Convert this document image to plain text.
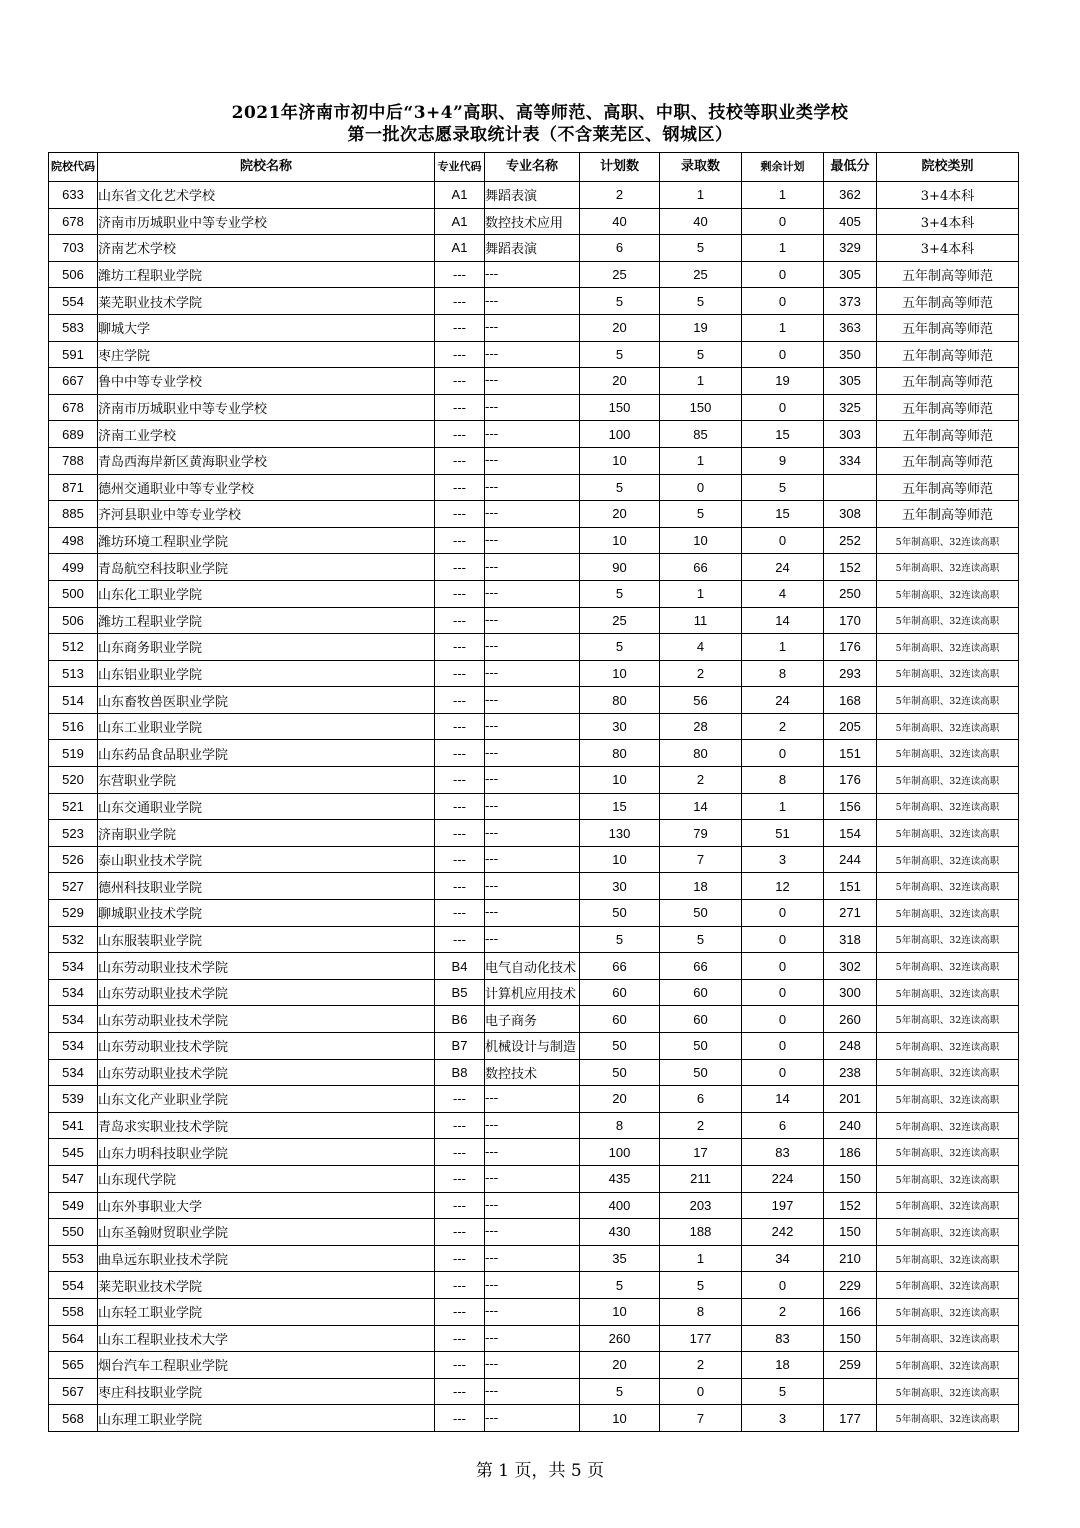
2021年济南市初中后“3+4”高职、高等师范、高职、中职、技校等职业类学校
第一批次志愿录取统计表（不含莱芜区、钢城区）
院校代码	院校名称	专业代码	专业名称	计划数	录取数	剩余计划	最低分	院校类别
633	山东省文化艺术学校	A1	舞蹈表演	2	1	1	362	3+4本科
678	济南市历城职业中等专业学校	A1	数控技术应用	40	40	0	405	3+4本科
703	济南艺术学校	A1	舞蹈表演	6	5	1	329	3+4本科
506	潍坊工程职业学院	---	---	25	25	0	305	五年制高等师范
554	莱芜职业技术学院	---	---	5	5	0	373	五年制高等师范
583	聊城大学	---	---	20	19	1	363	五年制高等师范
591	枣庄学院	---	---	5	5	0	350	五年制高等师范
667	鲁中中等专业学校	---	---	20	1	19	305	五年制高等师范
678	济南市历城职业中等专业学校	---	---	150	150	0	325	五年制高等师范
689	济南工业学校	---	---	100	85	15	303	五年制高等师范
788	青岛西海岸新区黄海职业学校	---	---	10	1	9	334	五年制高等师范
871	德州交通职业中等专业学校	---	---	5	0	5		五年制高等师范
885	齐河县职业中等专业学校	---	---	20	5	15	308	五年制高等师范
498	潍坊环境工程职业学院	---	---	10	10	0	252	5年制高职、32连读高职
499	青岛航空科技职业学院	---	---	90	66	24	152	5年制高职、32连读高职
500	山东化工职业学院	---	---	5	1	4	250	5年制高职、32连读高职
506	潍坊工程职业学院	---	---	25	11	14	170	5年制高职、32连读高职
512	山东商务职业学院	---	---	5	4	1	176	5年制高职、32连读高职
513	山东铝业职业学院	---	---	10	2	8	293	5年制高职、32连读高职
514	山东畜牧兽医职业学院	---	---	80	56	24	168	5年制高职、32连读高职
516	山东工业职业学院	---	---	30	28	2	205	5年制高职、32连读高职
519	山东药品食品职业学院	---	---	80	80	0	151	5年制高职、32连读高职
520	东营职业学院	---	---	10	2	8	176	5年制高职、32连读高职
521	山东交通职业学院	---	---	15	14	1	156	5年制高职、32连读高职
523	济南职业学院	---	---	130	79	51	154	5年制高职、32连读高职
526	泰山职业技术学院	---	---	10	7	3	244	5年制高职、32连读高职
527	德州科技职业学院	---	---	30	18	12	151	5年制高职、32连读高职
529	聊城职业技术学院	---	---	50	50	0	271	5年制高职、32连读高职
532	山东服装职业学院	---	---	5	5	0	318	5年制高职、32连读高职
534	山东劳动职业技术学院	B4	电气自动化技术	66	66	0	302	5年制高职、32连读高职
534	山东劳动职业技术学院	B5	计算机应用技术	60	60	0	300	5年制高职、32连读高职
534	山东劳动职业技术学院	B6	电子商务	60	60	0	260	5年制高职、32连读高职
534	山东劳动职业技术学院	B7	机械设计与制造	50	50	0	248	5年制高职、32连读高职
534	山东劳动职业技术学院	B8	数控技术	50	50	0	238	5年制高职、32连读高职
539	山东文化产业职业学院	---	---	20	6	14	201	5年制高职、32连读高职
541	青岛求实职业技术学院	---	---	8	2	6	240	5年制高职、32连读高职
545	山东力明科技职业学院	---	---	100	17	83	186	5年制高职、32连读高职
547	山东现代学院	---	---	435	211	224	150	5年制高职、32连读高职
549	山东外事职业大学	---	---	400	203	197	152	5年制高职、32连读高职
550	山东圣翰财贸职业学院	---	---	430	188	242	150	5年制高职、32连读高职
553	曲阜远东职业技术学院	---	---	35	1	34	210	5年制高职、32连读高职
554	莱芜职业技术学院	---	---	5	5	0	229	5年制高职、32连读高职
558	山东轻工职业学院	---	---	10	8	2	166	5年制高职、32连读高职
564	山东工程职业技术大学	---	---	260	177	83	150	5年制高职、32连读高职
565	烟台汽车工程职业学院	---	---	20	2	18	259	5年制高职、32连读高职
567	枣庄科技职业学院	---	---	5	0	5		5年制高职、32连读高职
568	山东理工职业学院	---	---	10	7	3	177	5年制高职、32连读高职
第 1 页，共 5 页
